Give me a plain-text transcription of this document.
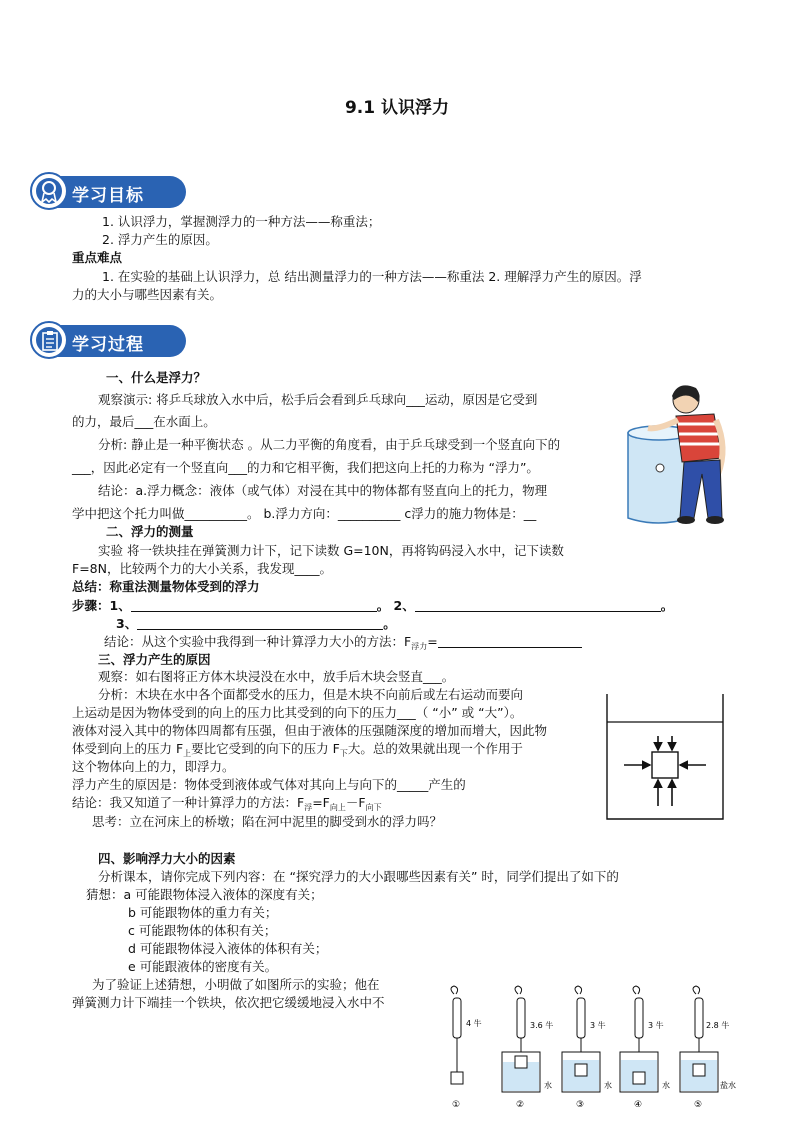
9.1 认识浮力
学习目标
1. 认识浮力，掌握测浮力的一种方法——称重法；
2. 浮力产生的原因。
重点难点
1. 在实验的基础上认识浮力，总 结出测量浮力的一种方法——称重法 2. 理解浮力产生的原因。浮
力的大小与哪些因素有关。
学习过程
一、什么是浮力？
观察演示: 将乒乓球放入水中后，松手后会看到乒乓球向___运动，原因是它受到
的力，最后___在水面上。
分析: 静止是一种平衡状态 。从二力平衡的角度看，由于乒乓球受到一个竖直向下的
___，因此必定有一个竖直向___的力和它相平衡，我们把这向上托的力称为 “浮力”。
结论：a.浮力概念：液体（或气体）对浸在其中的物体都有竖直向上的托力，物理
学中把这个托力叫做__________。 b.浮力方向：__________ c浮力的施力物体是：__
二、浮力的测量
实验 将一铁块挂在弹簧测力计下，记下读数 G=10N，再将钩码浸入水中，记下读数
F=8N，比较两个力的大小关系，我发现____。
总结：称重法测量物体受到的浮力
步骤：1、	。 2、	。
3、	。
结论：从这个实验中我得到一种计算浮力大小的方法：$F_{浮力}=$
三、浮力产生的原因
观察：如右图将正方体木块浸没在水中，放手后木块会竖直___。
分析：木块在水中各个面都受水的压力，但是木块不向前后或左右运动而要向
上运动是因为物体受到的向上的压力比其受到的向下的压力___（ “小” 或 “大”）。
液体对浸入其中的物体四周都有压强，但由于液体的压强随深度的增加而增大，因此物
体受到向上的压力 $F_上$要比它受到的向下的压力 $F_下$大。总的效果就出现一个作用于
这个物体向上的力，即浮力。
浮力产生的原因是：物体受到液体或气体对其向上与向下的_____产生的
结论：我又知道了一种计算浮力的方法：$F_浮=F_{向上}-F_{向下}$
思考：立在河床上的桥墩；陷在河中泥里的脚受到水的浮力吗？
四、影响浮力大小的因素
分析课本，请你完成下列内容：在 “探究浮力的大小跟哪些因素有关” 时，同学们提出了如下的
猜想：a 可能跟物体浸入液体的深度有关；
b 可能跟物体的重力有关；
c 可能跟物体的体积有关；
d 可能跟物体浸入液体的体积有关；
e 可能跟液体的密度有关。
为了验证上述猜想，小明做了如图所示的实验；他在
弹簧测力计下端挂一个铁块，依次把它缓缓地浸入水中不
4 牛
①
3.6 牛
水
②
3 牛
水
③
3 牛
水
④
2.8 牛
盐水
⑤
